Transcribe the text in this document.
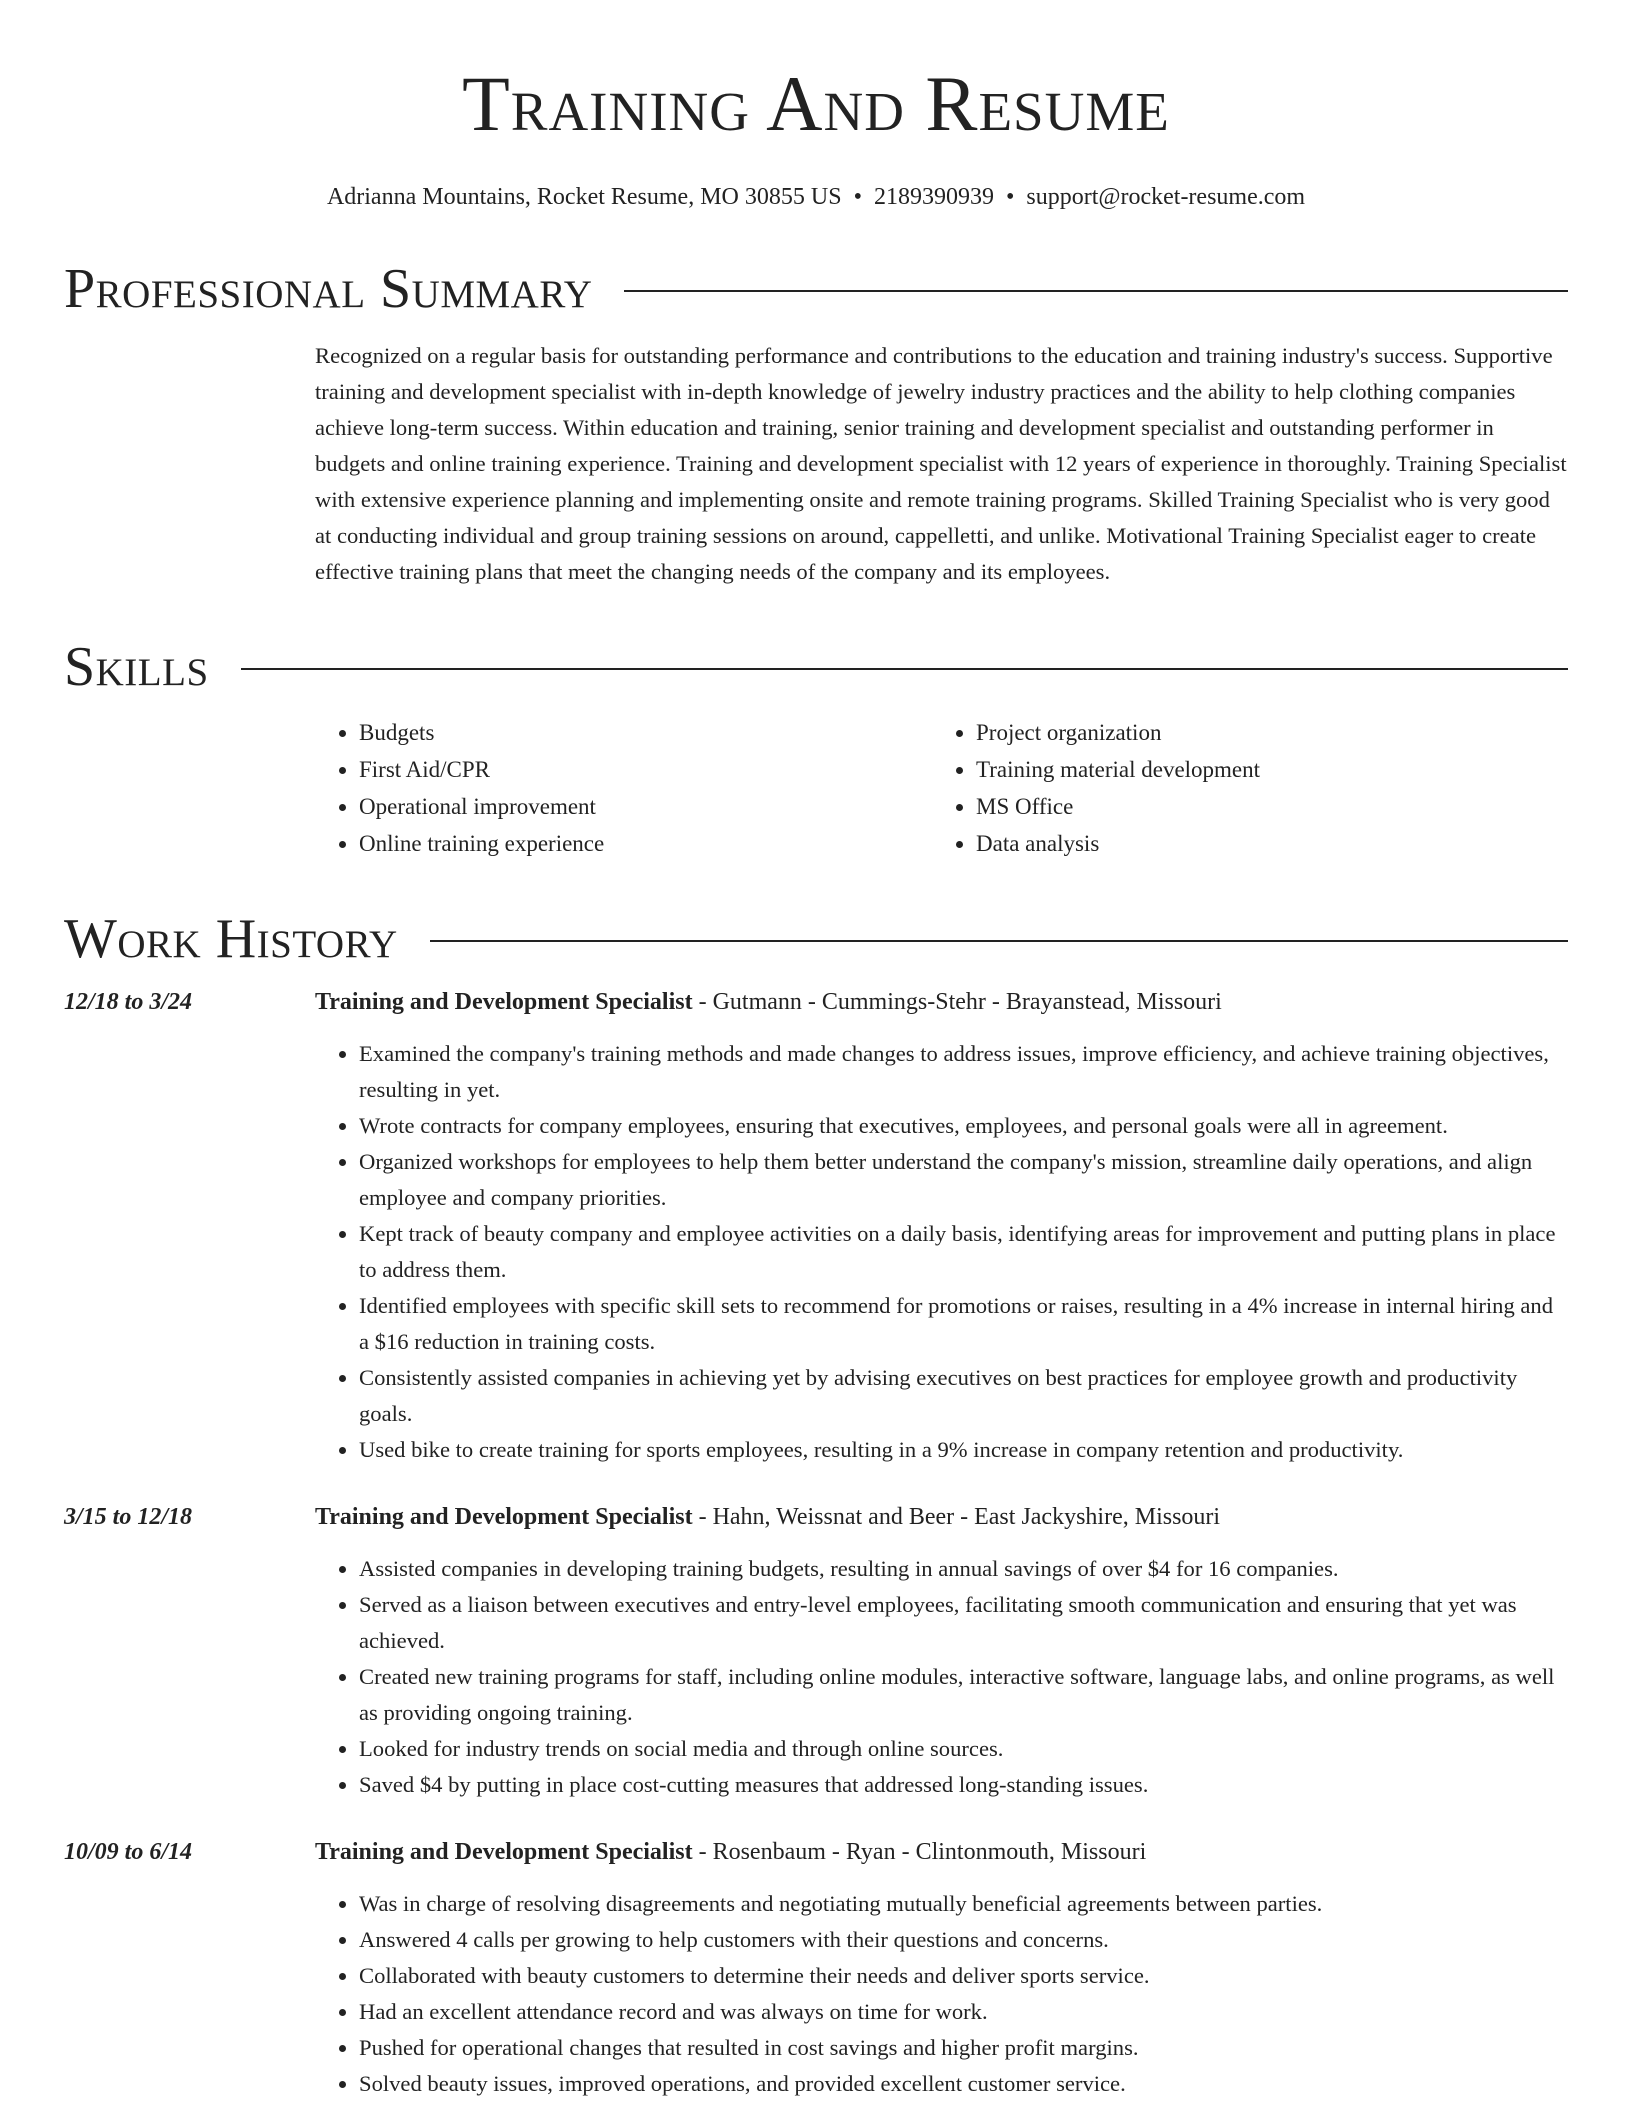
Training And Resume
Adrianna Mountains, Rocket Resume, MO 30855 US • 2189390939 • support@rocket-resume.com
Professional Summary
Recognized on a regular basis for outstanding performance and contributions to the education and training industry's success. Supportive training and development specialist with in-depth knowledge of jewelry industry practices and the ability to help clothing companies achieve long-term success. Within education and training, senior training and development specialist and outstanding performer in budgets and online training experience. Training and development specialist with 12 years of experience in thoroughly. Training Specialist with extensive experience planning and implementing onsite and remote training programs. Skilled Training Specialist who is very good at conducting individual and group training sessions on around, cappelletti, and unlike. Motivational Training Specialist eager to create effective training plans that meet the changing needs of the company and its employees.
Skills
• Budgets
• First Aid/CPR
• Operational improvement
• Online training experience
• Project organization
• Training material development
• MS Office
• Data analysis
Work History
12/18 to 3/24	Training and Development Specialist - Gutmann - Cummings-Stehr - Brayanstead, Missouri
• Examined the company's training methods and made changes to address issues, improve efficiency, and achieve training objectives, resulting in yet.
• Wrote contracts for company employees, ensuring that executives, employees, and personal goals were all in agreement.
• Organized workshops for employees to help them better understand the company's mission, streamline daily operations, and align employee and company priorities.
• Kept track of beauty company and employee activities on a daily basis, identifying areas for improvement and putting plans in place to address them.
• Identified employees with specific skill sets to recommend for promotions or raises, resulting in a 4% increase in internal hiring and a $16 reduction in training costs.
• Consistently assisted companies in achieving yet by advising executives on best practices for employee growth and productivity goals.
• Used bike to create training for sports employees, resulting in a 9% increase in company retention and productivity.
3/15 to 12/18	Training and Development Specialist - Hahn, Weissnat and Beer - East Jackyshire, Missouri
• Assisted companies in developing training budgets, resulting in annual savings of over $4 for 16 companies.
• Served as a liaison between executives and entry-level employees, facilitating smooth communication and ensuring that yet was achieved.
• Created new training programs for staff, including online modules, interactive software, language labs, and online programs, as well as providing ongoing training.
• Looked for industry trends on social media and through online sources.
• Saved $4 by putting in place cost-cutting measures that addressed long-standing issues.
10/09 to 6/14	Training and Development Specialist - Rosenbaum - Ryan - Clintonmouth, Missouri
• Was in charge of resolving disagreements and negotiating mutually beneficial agreements between parties.
• Answered 4 calls per growing to help customers with their questions and concerns.
• Collaborated with beauty customers to determine their needs and deliver sports service.
• Had an excellent attendance record and was always on time for work.
• Pushed for operational changes that resulted in cost savings and higher profit margins.
• Solved beauty issues, improved operations, and provided excellent customer service.
